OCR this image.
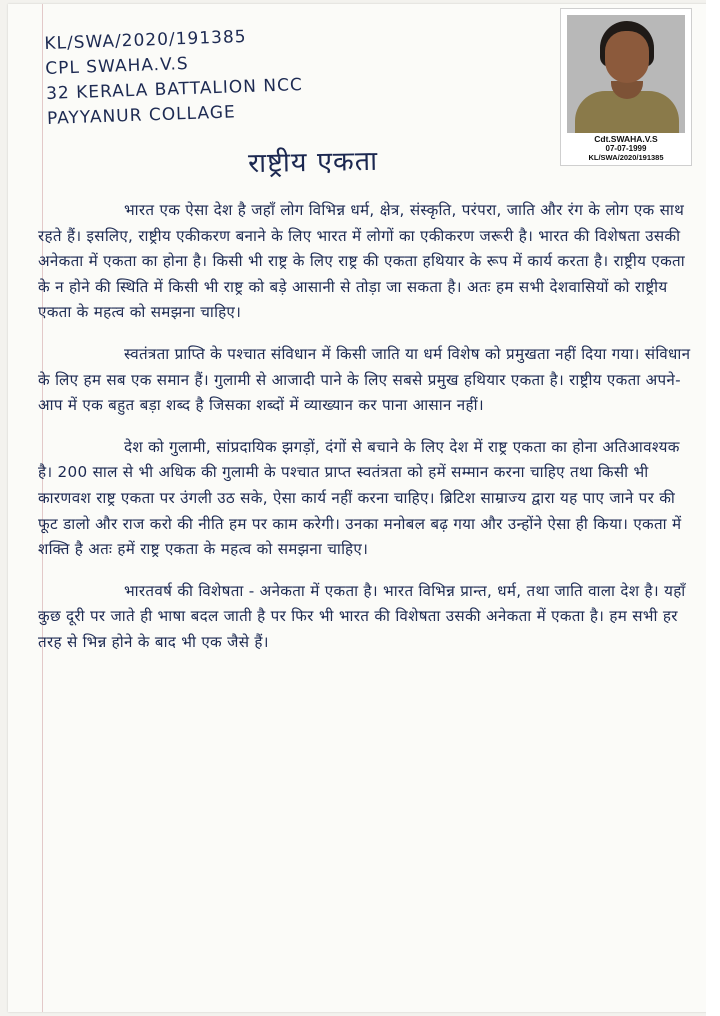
KL/SWA/2020/191385
CPL SWAHA.V.S
32 KERALA BATTALION NCC
PAYYANUR COLLAGE
Cdt.SWAHA.V.S
07-07-1999
KL/SWA/2020/191385
राष्ट्रीय एकता

भारत एक ऐसा देश है जहाँ लोग विभिन्न धर्म, क्षेत्र, संस्कृति, परंपरा, जाति और रंग के लोग एक साथ रहते हैं। इसलिए, राष्ट्रीय एकीकरण बनाने के लिए भारत में लोगों का एकीकरण जरूरी है। भारत की विशेषता उसकी अनेकता में एकता का होना है। किसी भी राष्ट्र के लिए राष्ट्र की एकता हथियार के रूप में कार्य करता है। राष्ट्रीय एकता के न होने की स्थिति में किसी भी राष्ट्र को बड़े आसानी से तोड़ा जा सकता है। अतः हम सभी देशवासियों को राष्ट्रीय एकता के महत्व को समझना चाहिए।

स्वतंत्रता प्राप्ति के पश्चात संविधान में किसी जाति या धर्म विशेष को प्रमुखता नहीं दिया गया। संविधान के लिए हम सब एक समान हैं। गुलामी से आजादी पाने के लिए सबसे प्रमुख हथियार एकता है। राष्ट्रीय एकता अपने-आप में एक बहुत बड़ा शब्द है जिसका शब्दों में व्याख्यान कर पाना आसान नहीं।

देश को गुलामी, सांप्रदायिक झगड़ों, दंगों से बचाने के लिए देश में राष्ट्र एकता का होना अतिआवश्यक है। 200 साल से भी अधिक की गुलामी के पश्चात प्राप्त स्वतंत्रता को हमें सम्मान करना चाहिए तथा किसी भी कारणवश राष्ट्र एकता पर उंगली उठ सके, ऐसा कार्य नहीं करना चाहिए। ब्रिटिश साम्राज्य द्वारा यह पाए जाने पर की फूट डालो और राज करो की नीति हम पर काम करेगी। उनका मनोबल बढ़ गया और उन्होंने ऐसा ही किया। एकता में शक्ति है अतः हमें राष्ट्र एकता के महत्व को समझना चाहिए।

भारतवर्ष की विशेषता - अनेकता में एकता है। भारत विभिन्न प्रान्त, धर्म, तथा जाति वाला देश है। यहाँ कुछ दूरी पर जाते ही भाषा बदल जाती है पर फिर भी भारत की विशेषता उसकी अनेकता में एकता है। हम सभी हर तरह से भिन्न होने के बाद भी एक जैसे हैं।
